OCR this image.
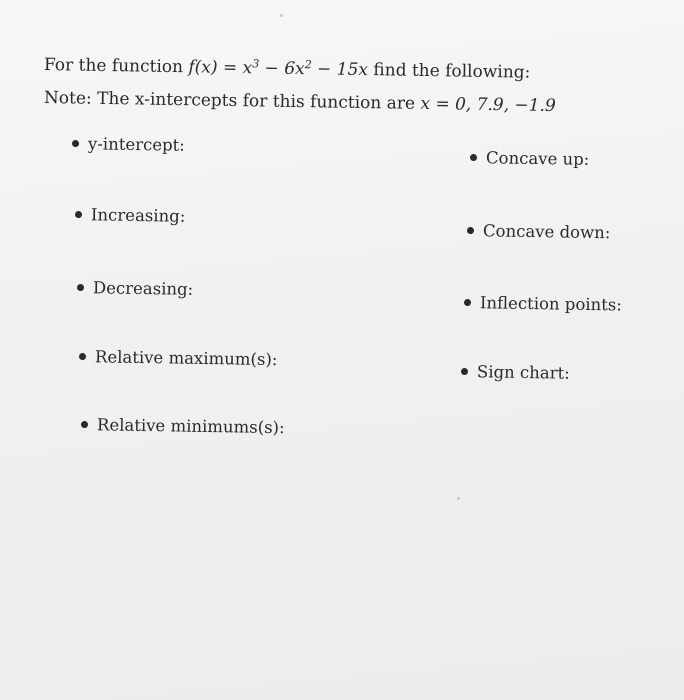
For the function $f(x) = x^3 - 6x^2 - 15x$ find the following:
Note: The x-intercepts for this function are x = 0, 7.9, −1.9
y-intercept:
Increasing:
Decreasing:
Relative maximum(s):
Relative minimums(s):
Concave up:
Concave down:
Inflection points:
Sign chart:
